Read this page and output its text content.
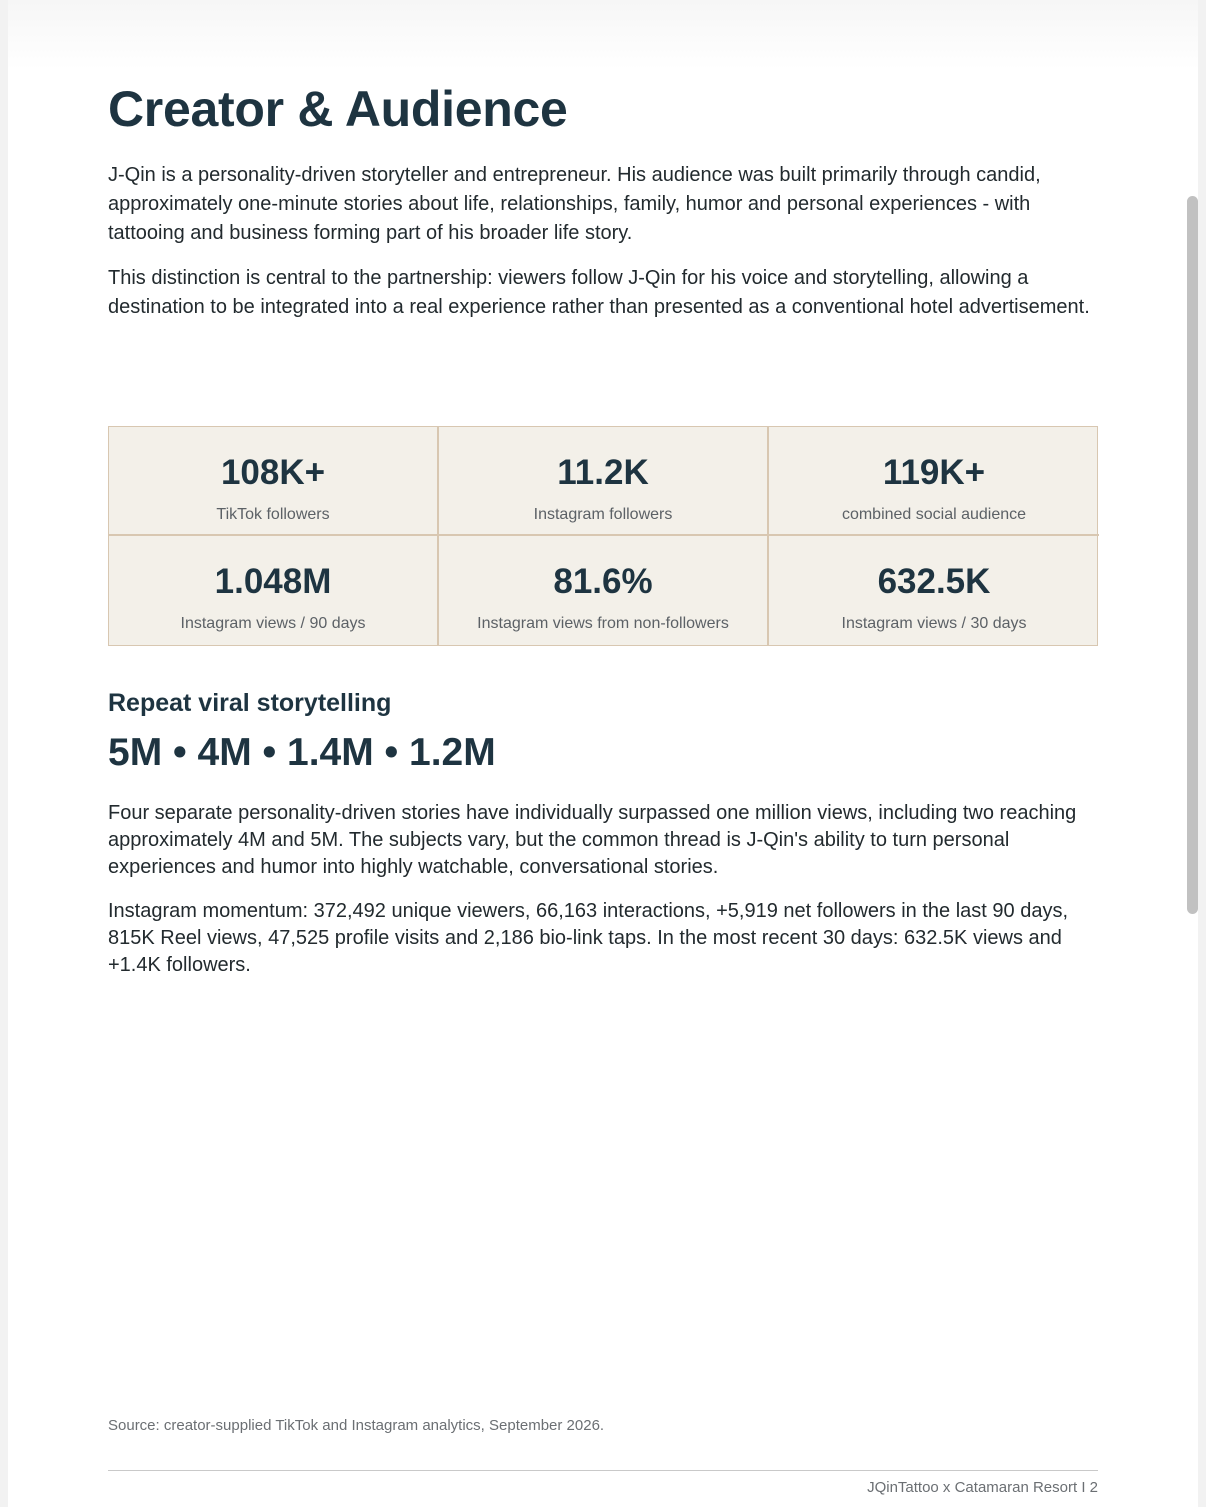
Creator & Audience

J-Qin is a personality-driven storyteller and entrepreneur. His audience was built primarily through candid, approximately one-minute stories about life, relationships, family, humor and personal experiences - with tattooing and business forming part of his broader life story.

This distinction is central to the partnership: viewers follow J-Qin for his voice and storytelling, allowing a destination to be integrated into a real experience rather than presented as a conventional hotel advertisement.

108K+
TikTok followers
11.2K
Instagram followers
119K+
combined social audience
1.048M
Instagram views / 90 days
81.6%
Instagram views from non-followers
632.5K
Instagram views / 30 days
Repeat viral storytelling
5M • 4M • 1.4M • 1.2M

Four separate personality-driven stories have individually surpassed one million views, including two reaching approximately 4M and 5M. The subjects vary, but the common thread is J-Qin's ability to turn personal experiences and humor into highly watchable, conversational stories.

Instagram momentum: 372,492 unique viewers, 66,163 interactions, +5,919 net followers in the last 90 days, 815K Reel views, 47,525 profile visits and 2,186 bio-link taps. In the most recent 30 days: 632.5K views and +1.4K followers.

Source: creator-supplied TikTok and Instagram analytics, September 2026.
JQinTattoo x Catamaran Resort I 2
